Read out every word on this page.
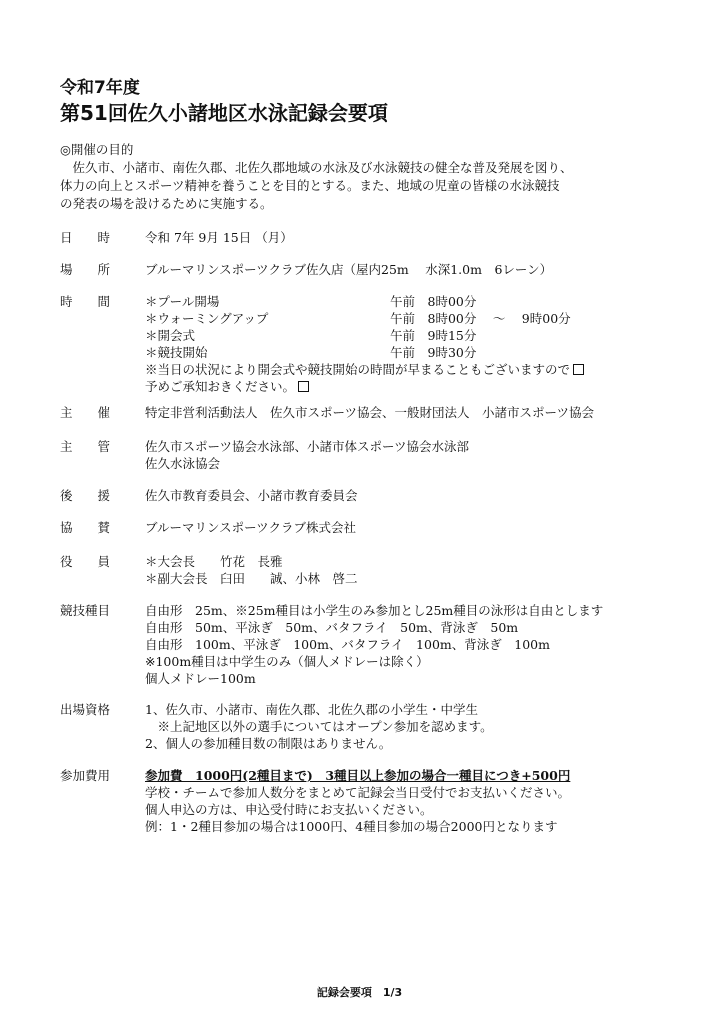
令和7年度
第51回佐久小諸地区水泳記録会要項
◎開催の目的
　佐久市、小諸市、南佐久郡、北佐久郡地域の水泳及び水泳競技の健全な普及発展を図り、
体力の向上とスポーツ精神を養うことを目的とする。また、地域の児童の皆様の水泳競技
の発表の場を設けるために実施する。
日　　時	令和 7年 9月 15日 （月）
場　　所	ブルーマリンスポーツクラブ佐久店（屋内25m　 水深1.0m　6レーン）
時　　間	＊プール開場	午前　8時00分
＊ウォーミングアップ	午前　8時00分　 ～　 9時00分
＊開会式	午前　9時15分
＊競技開始	午前　9時30分
※当日の状況により開会式や競技開始の時間が早まることもございますので
予めご承知おきください。
主　　催	特定非営利活動法人　佐久市スポーツ協会、一般財団法人　小諸市スポーツ協会
主　　管	佐久市スポーツ協会水泳部、小諸市体スポーツ協会水泳部
佐久水泳協会
後　　援	佐久市教育委員会、小諸市教育委員会
協　　賛	ブルーマリンスポーツクラブ株式会社
役　　員	＊大会長　　竹花　長雅
＊副大会長　臼田　　誠、小林　啓二
競技種目	自由形　25m、※25m種目は小学生のみ参加とし25m種目の泳形は自由とします
自由形　50m、平泳ぎ　50m、バタフライ　50m、背泳ぎ　50m
自由形　100m、平泳ぎ　100m、バタフライ　100m、背泳ぎ　100m
※100m種目は中学生のみ（個人メドレーは除く）
個人メドレー100m
出場資格	1、佐久市、小諸市、南佐久郡、北佐久郡の小学生・中学生
　※上記地区以外の選手についてはオープン参加を認めます。
2、個人の参加種目数の制限はありません。
参加費用	参加費　1000円(2種目まで)　3種目以上参加の場合一種目につき+500円
学校・チームで参加人数分をまとめて記録会当日受付でお支払いください。
個人申込の方は、申込受付時にお支払いください。
例：1・2種目参加の場合は1000円、4種目参加の場合2000円となります
記録会要項　1/3
